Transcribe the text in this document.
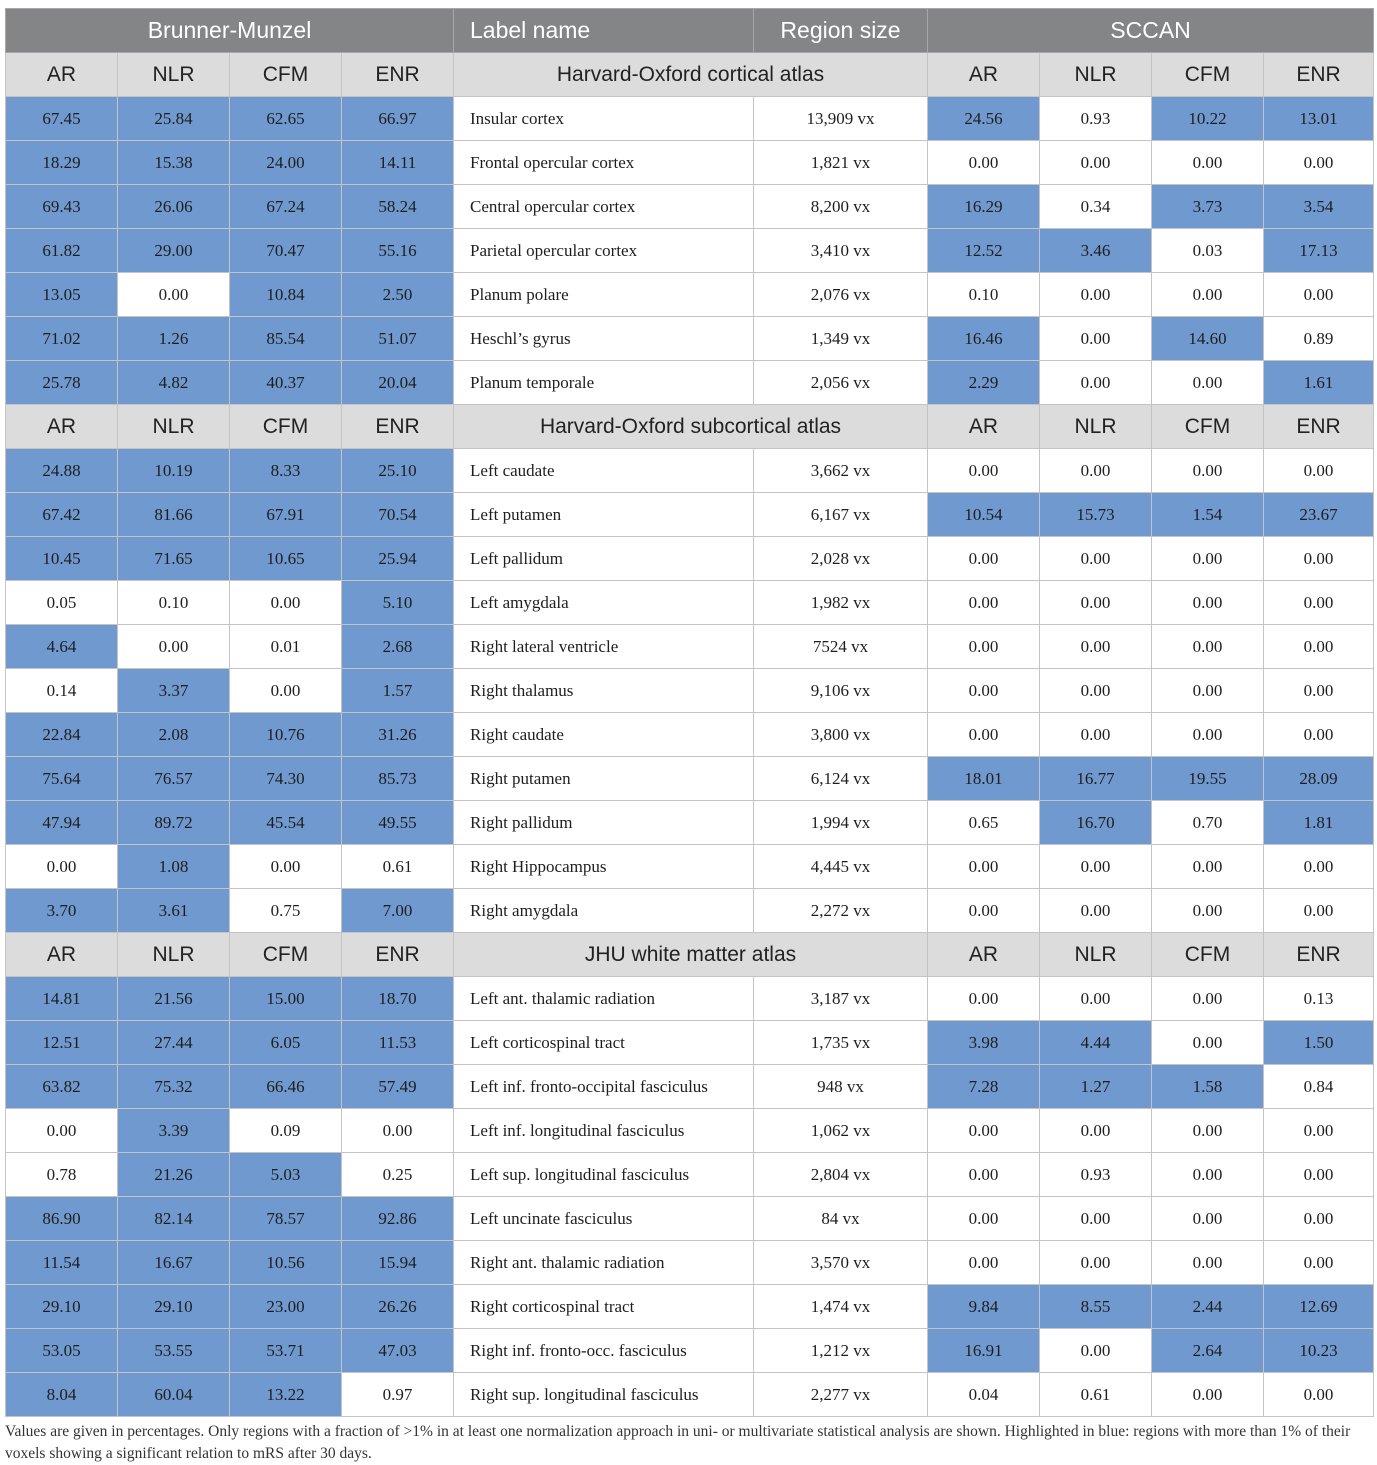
Brunner-Munzel				Label name	Region size	SCCAN			
AR	NLR	CFM	ENR	Harvard-Oxford cortical atlas		AR	NLR	CFM	ENR
67.45	25.84	62.65	66.97	Insular cortex	13,909 vx	24.56	0.93	10.22	13.01
18.29	15.38	24.00	14.11	Frontal opercular cortex	1,821 vx	0.00	0.00	0.00	0.00
69.43	26.06	67.24	58.24	Central opercular cortex	8,200 vx	16.29	0.34	3.73	3.54
61.82	29.00	70.47	55.16	Parietal opercular cortex	3,410 vx	12.52	3.46	0.03	17.13
13.05	0.00	10.84	2.50	Planum polare	2,076 vx	0.10	0.00	0.00	0.00
71.02	1.26	85.54	51.07	Heschl’s gyrus	1,349 vx	16.46	0.00	14.60	0.89
25.78	4.82	40.37	20.04	Planum temporale	2,056 vx	2.29	0.00	0.00	1.61
AR	NLR	CFM	ENR	Harvard-Oxford subcortical atlas		AR	NLR	CFM	ENR
24.88	10.19	8.33	25.10	Left caudate	3,662 vx	0.00	0.00	0.00	0.00
67.42	81.66	67.91	70.54	Left putamen	6,167 vx	10.54	15.73	1.54	23.67
10.45	71.65	10.65	25.94	Left pallidum	2,028 vx	0.00	0.00	0.00	0.00
0.05	0.10	0.00	5.10	Left amygdala	1,982 vx	0.00	0.00	0.00	0.00
4.64	0.00	0.01	2.68	Right lateral ventricle	7524 vx	0.00	0.00	0.00	0.00
0.14	3.37	0.00	1.57	Right thalamus	9,106 vx	0.00	0.00	0.00	0.00
22.84	2.08	10.76	31.26	Right caudate	3,800 vx	0.00	0.00	0.00	0.00
75.64	76.57	74.30	85.73	Right putamen	6,124 vx	18.01	16.77	19.55	28.09
47.94	89.72	45.54	49.55	Right pallidum	1,994 vx	0.65	16.70	0.70	1.81
0.00	1.08	0.00	0.61	Right Hippocampus	4,445 vx	0.00	0.00	0.00	0.00
3.70	3.61	0.75	7.00	Right amygdala	2,272 vx	0.00	0.00	0.00	0.00
AR	NLR	CFM	ENR	JHU white matter atlas		AR	NLR	CFM	ENR
14.81	21.56	15.00	18.70	Left ant. thalamic radiation	3,187 vx	0.00	0.00	0.00	0.13
12.51	27.44	6.05	11.53	Left corticospinal tract	1,735 vx	3.98	4.44	0.00	1.50
63.82	75.32	66.46	57.49	Left inf. fronto-occipital fasciculus	948 vx	7.28	1.27	1.58	0.84
0.00	3.39	0.09	0.00	Left inf. longitudinal fasciculus	1,062 vx	0.00	0.00	0.00	0.00
0.78	21.26	5.03	0.25	Left sup. longitudinal fasciculus	2,804 vx	0.00	0.93	0.00	0.00
86.90	82.14	78.57	92.86	Left uncinate fasciculus	84 vx	0.00	0.00	0.00	0.00
11.54	16.67	10.56	15.94	Right ant. thalamic radiation	3,570 vx	0.00	0.00	0.00	0.00
29.10	29.10	23.00	26.26	Right corticospinal tract	1,474 vx	9.84	8.55	2.44	12.69
53.05	53.55	53.71	47.03	Right inf. fronto-occ. fasciculus	1,212 vx	16.91	0.00	2.64	10.23
8.04	60.04	13.22	0.97	Right sup. longitudinal fasciculus	2,277 vx	0.04	0.61	0.00	0.00

Values are given in percentages. Only regions with a fraction of >1% in at least one normalization approach in uni- or multivariate statistical analysis are shown. Highlighted in blue: regions with more than 1% of their voxels showing a significant relation to mRS after 30 days.
